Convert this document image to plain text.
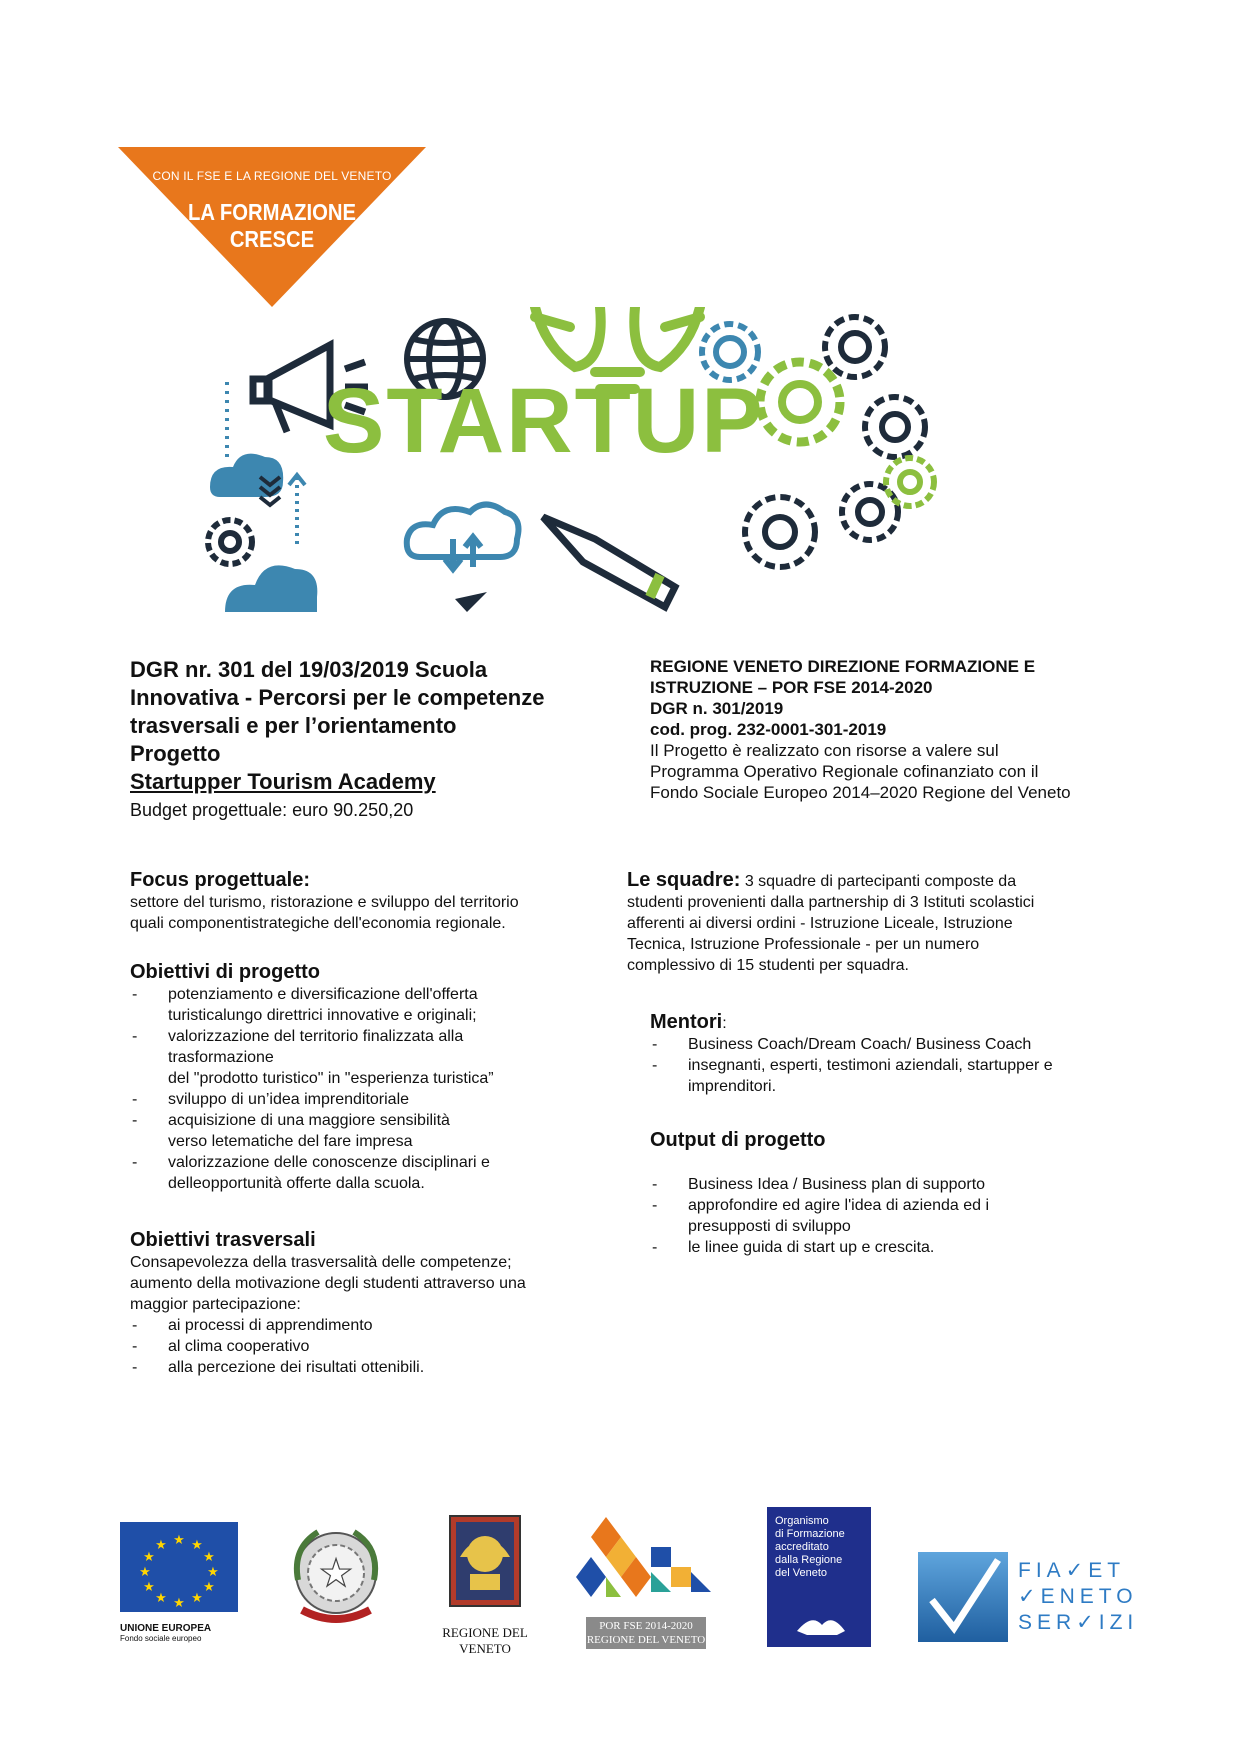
CON IL FSE E LA REGIONE DEL VENETO
LA FORMAZIONE
CRESCE
STARTUP
DGR nr. 301 del 19/03/2019 Scuola
Innovativa - Percorsi per le competenze
trasversali e per l’orientamento
Progetto
Startupper Tourism Academy
Budget progettuale: euro 90.250,20
REGIONE VENETO DIREZIONE FORMAZIONE E
ISTRUZIONE – POR FSE 2014-2020
DGR n. 301/2019
cod. prog. 232-0001-301-2019
Il Progetto è realizzato con risorse a valere sul
Programma Operativo Regionale cofinanziato con il
Fondo Sociale Europeo 2014–2020 Regione del Veneto
Focus progettuale:
settore del turismo, ristorazione e sviluppo del territorio
quali componentistrategiche dell'economia regionale.
Obiettivi di progetto
- potenziamento e diversificazione dell'offerta
turisticalungo direttrici innovative e originali;
- valorizzazione del territorio finalizzata alla
trasformazione
del "prodotto turistico" in "esperienza turistica”
- sviluppo di un’idea imprenditoriale
- acquisizione di una maggiore sensibilità
verso letematiche del fare impresa
- valorizzazione delle conoscenze disciplinari e
delleopportunità offerte dalla scuola.
Obiettivi trasversali
Consapevolezza della trasversalità delle competenze;
aumento della motivazione degli studenti attraverso una
maggior partecipazione:
- ai processi di apprendimento
- al clima cooperativo
- alla percezione dei risultati ottenibili.
Le squadre: 3 squadre di partecipanti composte da
studenti provenienti dalla partnership di 3 Istituti scolastici
afferenti ai diversi ordini - Istruzione Liceale, Istruzione
Tecnica, Istruzione Professionale - per un numero
complessivo di 15 studenti per squadra.
Mentori:
- Business Coach/Dream Coach/ Business Coach
- insegnanti, esperti, testimoni aziendali, startupper e
imprenditori.
Output di progetto
- Business Idea / Business plan di supporto
- approfondire ed agire l'idea di azienda ed i
presupposti di sviluppo
- le linee guida di start up e crescita.
★ ★
★
★
★
★
★
★
★
★
★
★
UNIONE EUROPEA
Fondo sociale europeo
★
REGIONE DEL VENETO
POR FSE 2014-2020
REGIONE DEL VENETO
Organismo
di Formazione
accreditato
dalla Regione
del Veneto	FIA✓ET
✓ENETO
SER✓IZI
